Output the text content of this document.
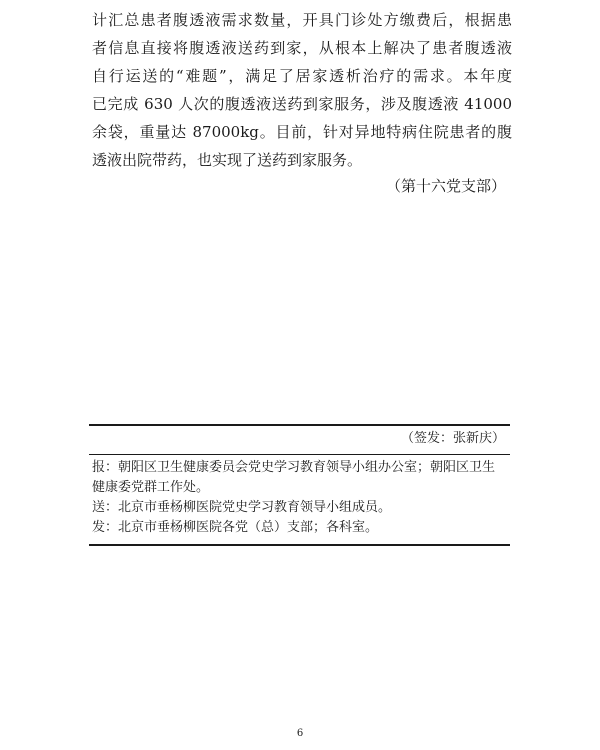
计汇总患者腹透液需求数量，开具门诊处方缴费后，根据患
者信息直接将腹透液送药到家，从根本上解决了患者腹透液
自行运送的“难题”，满足了居家透析治疗的需求。本年度
已完成 630 人次的腹透液送药到家服务，涉及腹透液 41000
余袋，重量达 87000kg。目前，针对异地特病住院患者的腹
透液出院带药，也实现了送药到家服务。
（第十六党支部）
（签发：张新庆）
报：朝阳区卫生健康委员会党史学习教育领导小组办公室；朝阳区卫生
健康委党群工作处。
送：北京市垂杨柳医院党史学习教育领导小组成员。
发：北京市垂杨柳医院各党（总）支部；各科室。
6
